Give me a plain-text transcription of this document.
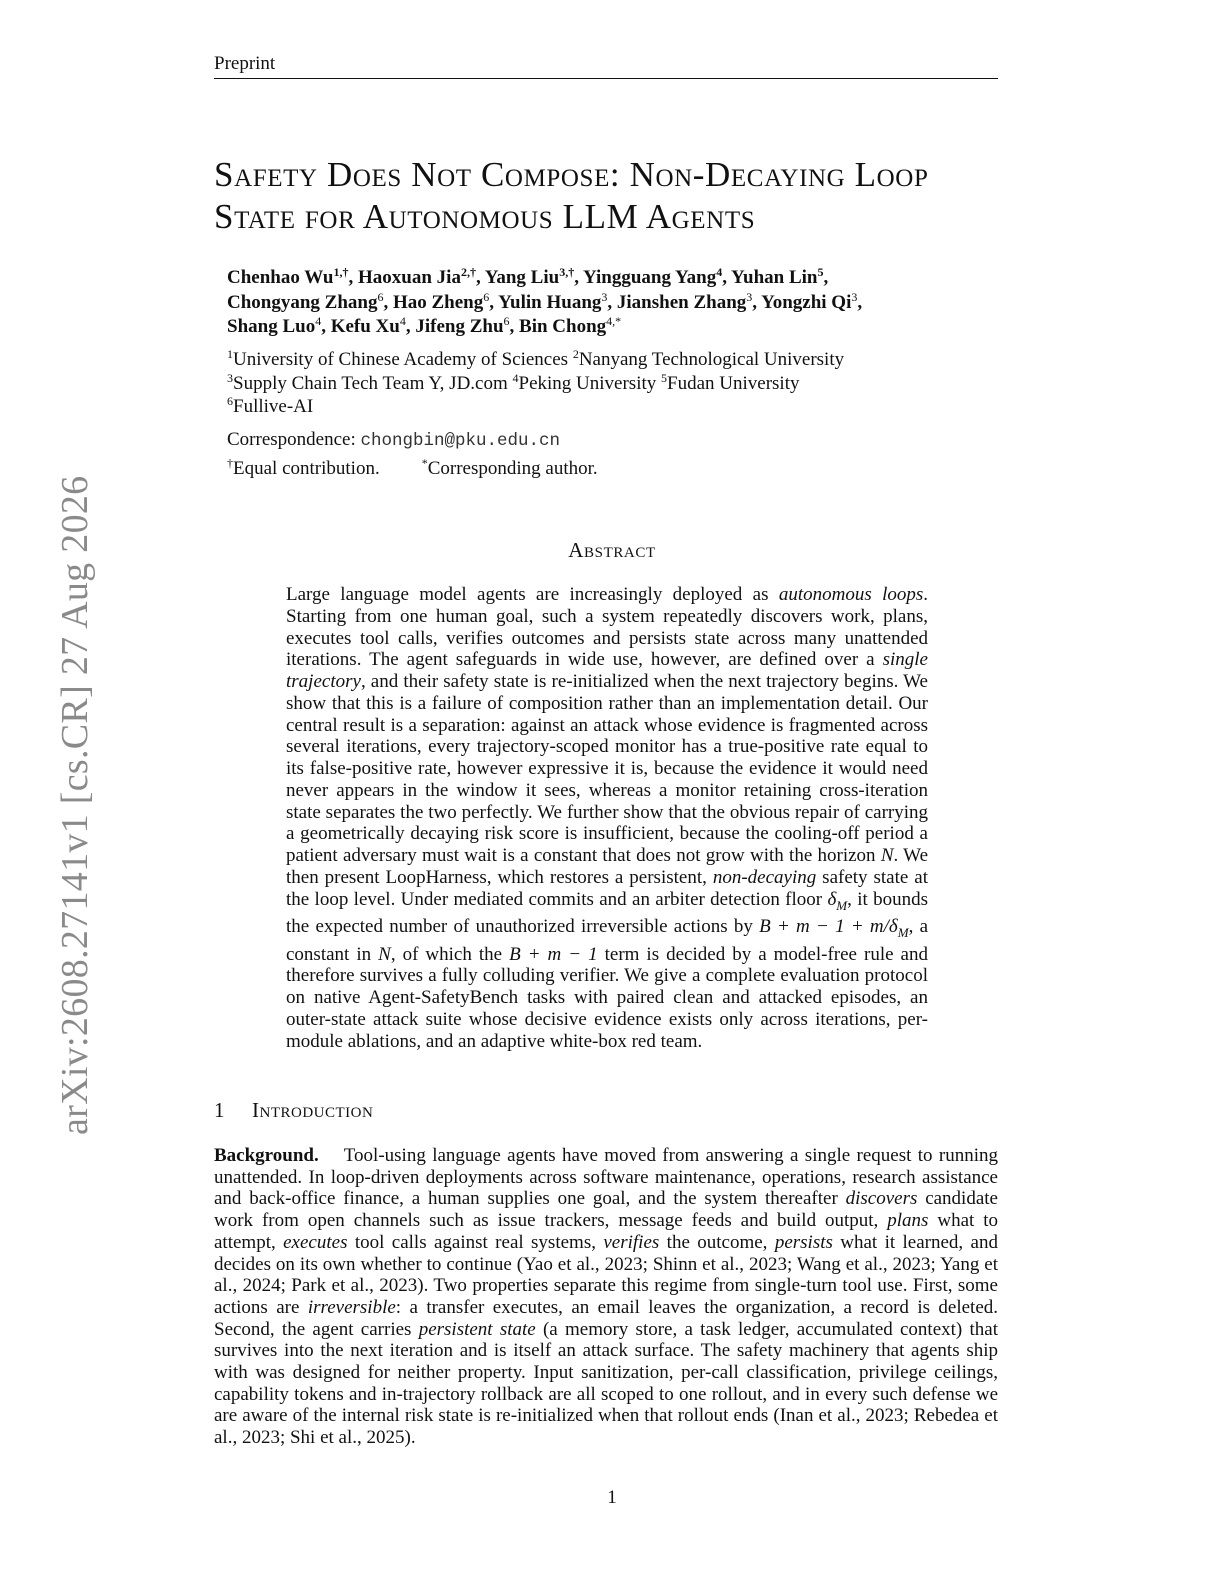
Preprint
arXiv:2608.27141v1 [cs.CR] 27 Aug 2026
Safety Does Not Compose: Non-Decaying Loop
State for Autonomous LLM Agents
Chenhao $Wu^{1,\dagger}$, Haoxuan Jia$^{2,\dagger}$, Yang Liu$^{3,\dagger}$, Yingguang Yang$^4$, Yuhan Lin$^5$,
Chongyang Zhang$^6$, Hao Zheng$^6$, Yulin Huang$^3$, Jianshen Zhang$^3$, Yongzhi Qi$^3$,
Shang Luo$^4$, Kefu Xu$^4$, Jifeng Zhu$^6$, Bin Chong$^{4,*}$
$^1$University of Chinese Academy of Sciences $^2$Nanyang Technological University
$^3$Supply Chain Tech Team Y, JD.com $^4$Peking University $^5$Fudan University
$^6$Fullive-AI
Correspondence: chongbin@pku.edu.cn
†Equal contribution.	*Corresponding author.
Abstract

Large language model agents are increasingly deployed as autonomous loops. Starting from one human goal, such a system repeatedly discovers work, plans, executes tool calls, verifies outcomes and persists state across many unattended iterations. The agent safeguards in wide use, however, are defined over a single trajectory, and their safety state is re-initialized when the next trajectory begins. We show that this is a failure of composition rather than an implementation detail. Our central result is a separation: against an attack whose evidence is fragmented across several iterations, every trajectory-scoped monitor has a true-positive rate equal to its false-positive rate, however expressive it is, because the evidence it would need never appears in the window it sees, whereas a monitor retaining cross-iteration state separates the two perfectly. We further show that the obvious repair of carrying a geometrically decaying risk score is insufficient, because the cooling-off period a patient adversary must wait is a constant that does not grow with the horizon N. We then present LoopHarness, which restores a persistent, non-decaying safety state at the loop level. Under mediated commits and an arbiter detection floor $\delta_M$, it bounds the expected number of unauthorized irreversible actions by $B + m - 1 + m/\delta_M$, a constant in N, of which the B + m − 1 term is decided by a model-free rule and therefore survives a fully colluding verifier. We give a complete evaluation protocol on native Agent-SafetyBench tasks with paired clean and attacked episodes, an outer-state attack suite whose decisive evidence exists only across iterations, per-module ablations, and an adaptive white-box red team.

1 Introduction

Background. Tool-using language agents have moved from answering a single request to running unattended. In loop-driven deployments across software maintenance, operations, research assistance and back-office finance, a human supplies one goal, and the system thereafter discovers candidate work from open channels such as issue trackers, message feeds and build output, plans what to attempt, executes tool calls against real systems, verifies the outcome, persists what it learned, and decides on its own whether to continue (Yao et al., 2023; Shinn et al., 2023; Wang et al., 2023; Yang et al., 2024; Park et al., 2023). Two properties separate this regime from single-turn tool use. First, some actions are irreversible: a transfer executes, an email leaves the organization, a record is deleted. Second, the agent carries persistent state (a memory store, a task ledger, accumulated context) that survives into the next iteration and is itself an attack surface. The safety machinery that agents ship with was designed for neither property. Input sanitization, per-call classification, privilege ceilings, capability tokens and in-trajectory rollback are all scoped to one rollout, and in every such defense we are aware of the internal risk state is re-initialized when that rollout ends (Inan et al., 2023; Rebedea et al., 2023; Shi et al., 2025).

1
